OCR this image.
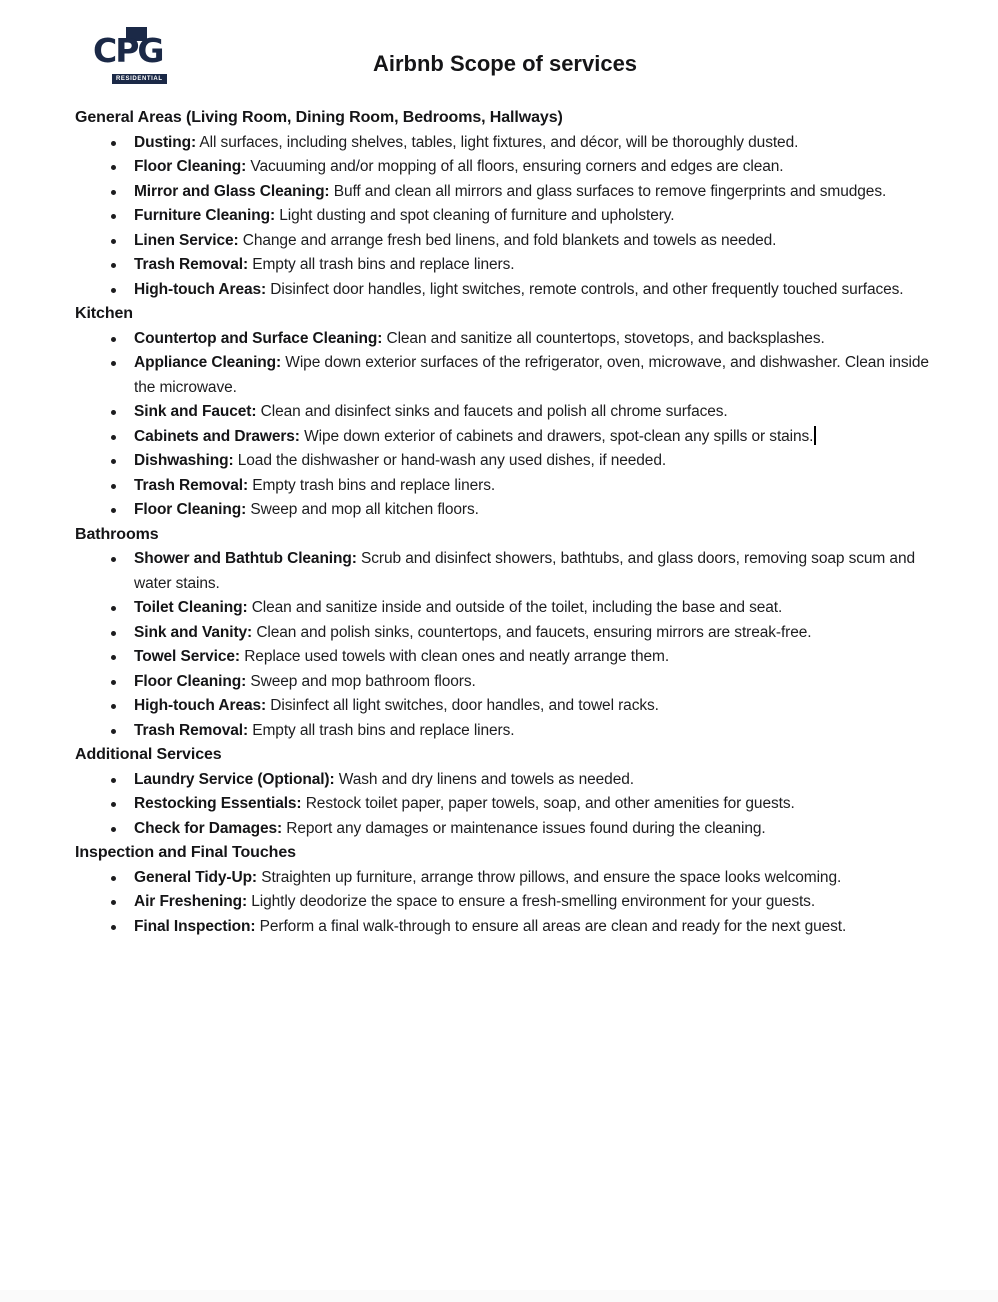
CPG
RESIDENTIAL
Airbnb Scope of services
General Areas (Living Room, Dining Room, Bedrooms, Hallways)
Dusting: All surfaces, including shelves, tables, light fixtures, and décor, will be thoroughly dusted.
Floor Cleaning: Vacuuming and/or mopping of all floors, ensuring corners and edges are clean.
Mirror and Glass Cleaning: Buff and clean all mirrors and glass surfaces to remove fingerprints and smudges.
Furniture Cleaning: Light dusting and spot cleaning of furniture and upholstery.
Linen Service: Change and arrange fresh bed linens, and fold blankets and towels as needed.
Trash Removal: Empty all trash bins and replace liners.
High-touch Areas: Disinfect door handles, light switches, remote controls, and other frequently touched surfaces.
Kitchen
Countertop and Surface Cleaning: Clean and sanitize all countertops, stovetops, and backsplashes.
Appliance Cleaning: Wipe down exterior surfaces of the refrigerator, oven, microwave, and dishwasher. Clean inside the microwave.
Sink and Faucet: Clean and disinfect sinks and faucets and polish all chrome surfaces.
Cabinets and Drawers: Wipe down exterior of cabinets and drawers, spot-clean any spills or stains.
Dishwashing: Load the dishwasher or hand-wash any used dishes, if needed.
Trash Removal: Empty trash bins and replace liners.
Floor Cleaning: Sweep and mop all kitchen floors.
Bathrooms
Shower and Bathtub Cleaning: Scrub and disinfect showers, bathtubs, and glass doors, removing soap scum and water stains.
Toilet Cleaning: Clean and sanitize inside and outside of the toilet, including the base and seat.
Sink and Vanity: Clean and polish sinks, countertops, and faucets, ensuring mirrors are streak-free.
Towel Service: Replace used towels with clean ones and neatly arrange them.
Floor Cleaning: Sweep and mop bathroom floors.
High-touch Areas: Disinfect all light switches, door handles, and towel racks.
Trash Removal: Empty all trash bins and replace liners.
Additional Services
Laundry Service (Optional): Wash and dry linens and towels as needed.
Restocking Essentials: Restock toilet paper, paper towels, soap, and other amenities for guests.
Check for Damages: Report any damages or maintenance issues found during the cleaning.
Inspection and Final Touches
General Tidy-Up: Straighten up furniture, arrange throw pillows, and ensure the space looks welcoming.
Air Freshening: Lightly deodorize the space to ensure a fresh-smelling environment for your guests.
Final Inspection: Perform a final walk-through to ensure all areas are clean and ready for the next guest.
